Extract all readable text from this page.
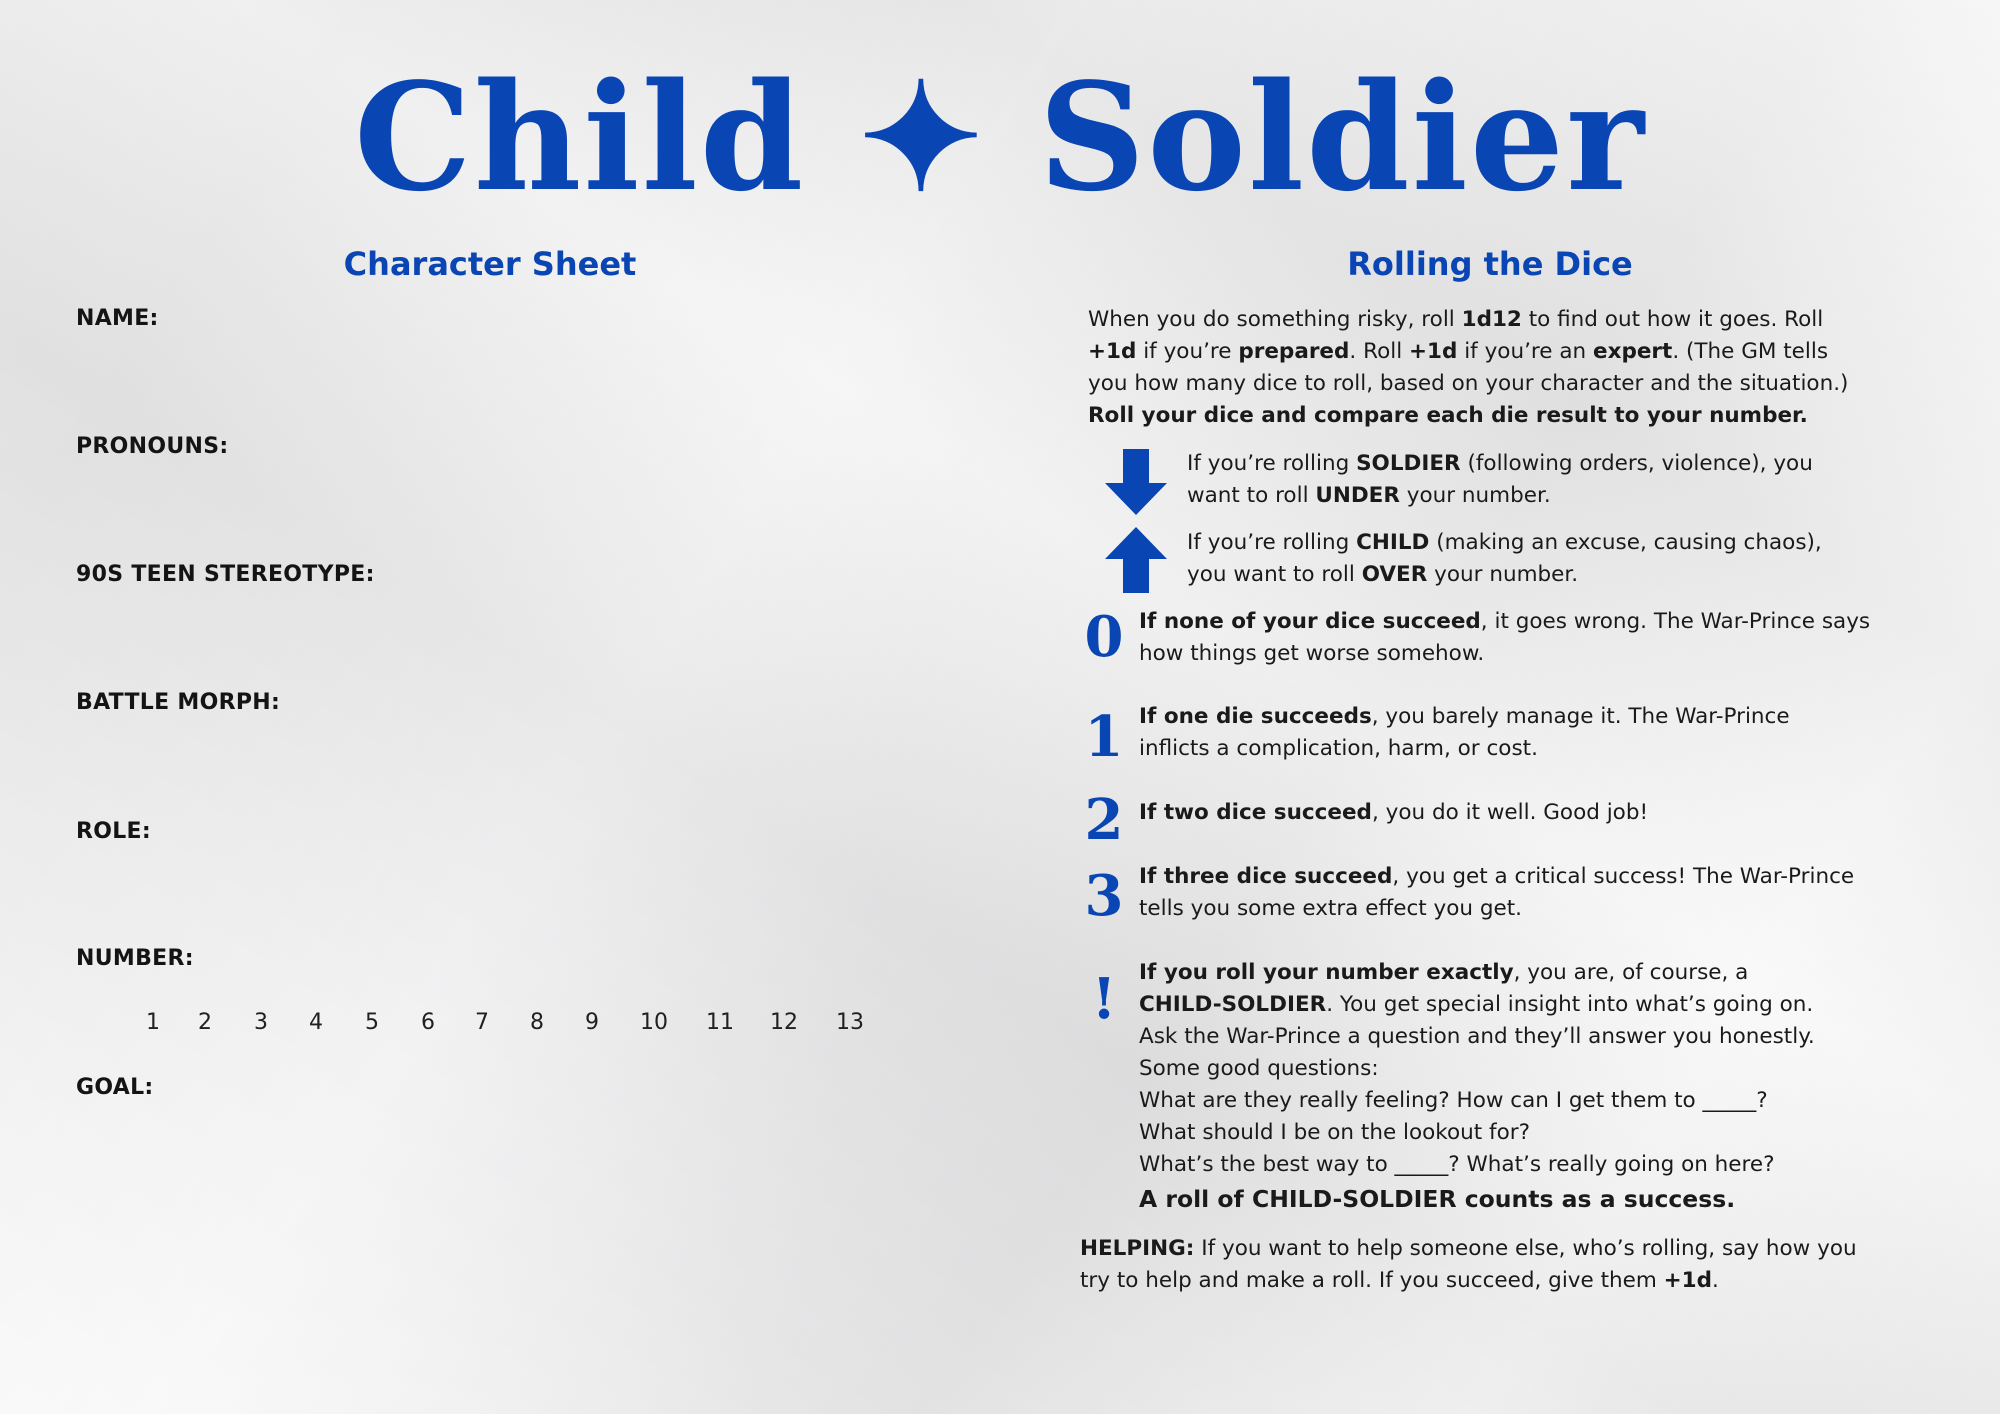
Child ✦ Soldier
Character Sheet
NAME:
PRONOUNS:
90S TEEN STEREOTYPE:
BATTLE MORPH:
ROLE:
NUMBER:
1	2	3	4	5	6	7	8	9	10	11	12	13
GOAL:
Rolling the Dice
When you do something risky, roll 1d12 to find out how it goes. Roll
+1d if you’re prepared. Roll +1d if you’re an expert. (The GM tells
you how many dice to roll, based on your character and the situation.)
Roll your dice and compare each die result to your number.
If you’re rolling SOLDIER (following orders, violence), you
want to roll UNDER your number.
If you’re rolling CHILD (making an excuse, causing chaos),
you want to roll OVER your number.
0 If none of your dice succeed, it goes wrong. The War-Prince says
how things get worse somehow.
1 If one die succeeds, you barely manage it. The War-Prince
inflicts a complication, harm, or cost.
2 If two dice succeed, you do it well. Good job!
3 If three dice succeed, you get a critical success! The War-Prince
tells you some extra effect you get.
!	If you roll your number exactly, you are, of course, a
CHILD-SOLDIER. You get special insight into what’s going on.
Ask the War-Prince a question and they’ll answer you honestly.
Some good questions:
What are they really feeling? How can I get them to _____?
What should I be on the lookout for?
What’s the best way to _____? What’s really going on here?
A roll of CHILD-SOLDIER counts as a success.
HELPING: If you want to help someone else, who’s rolling, say how you
try to help and make a roll. If you succeed, give them +1d.
